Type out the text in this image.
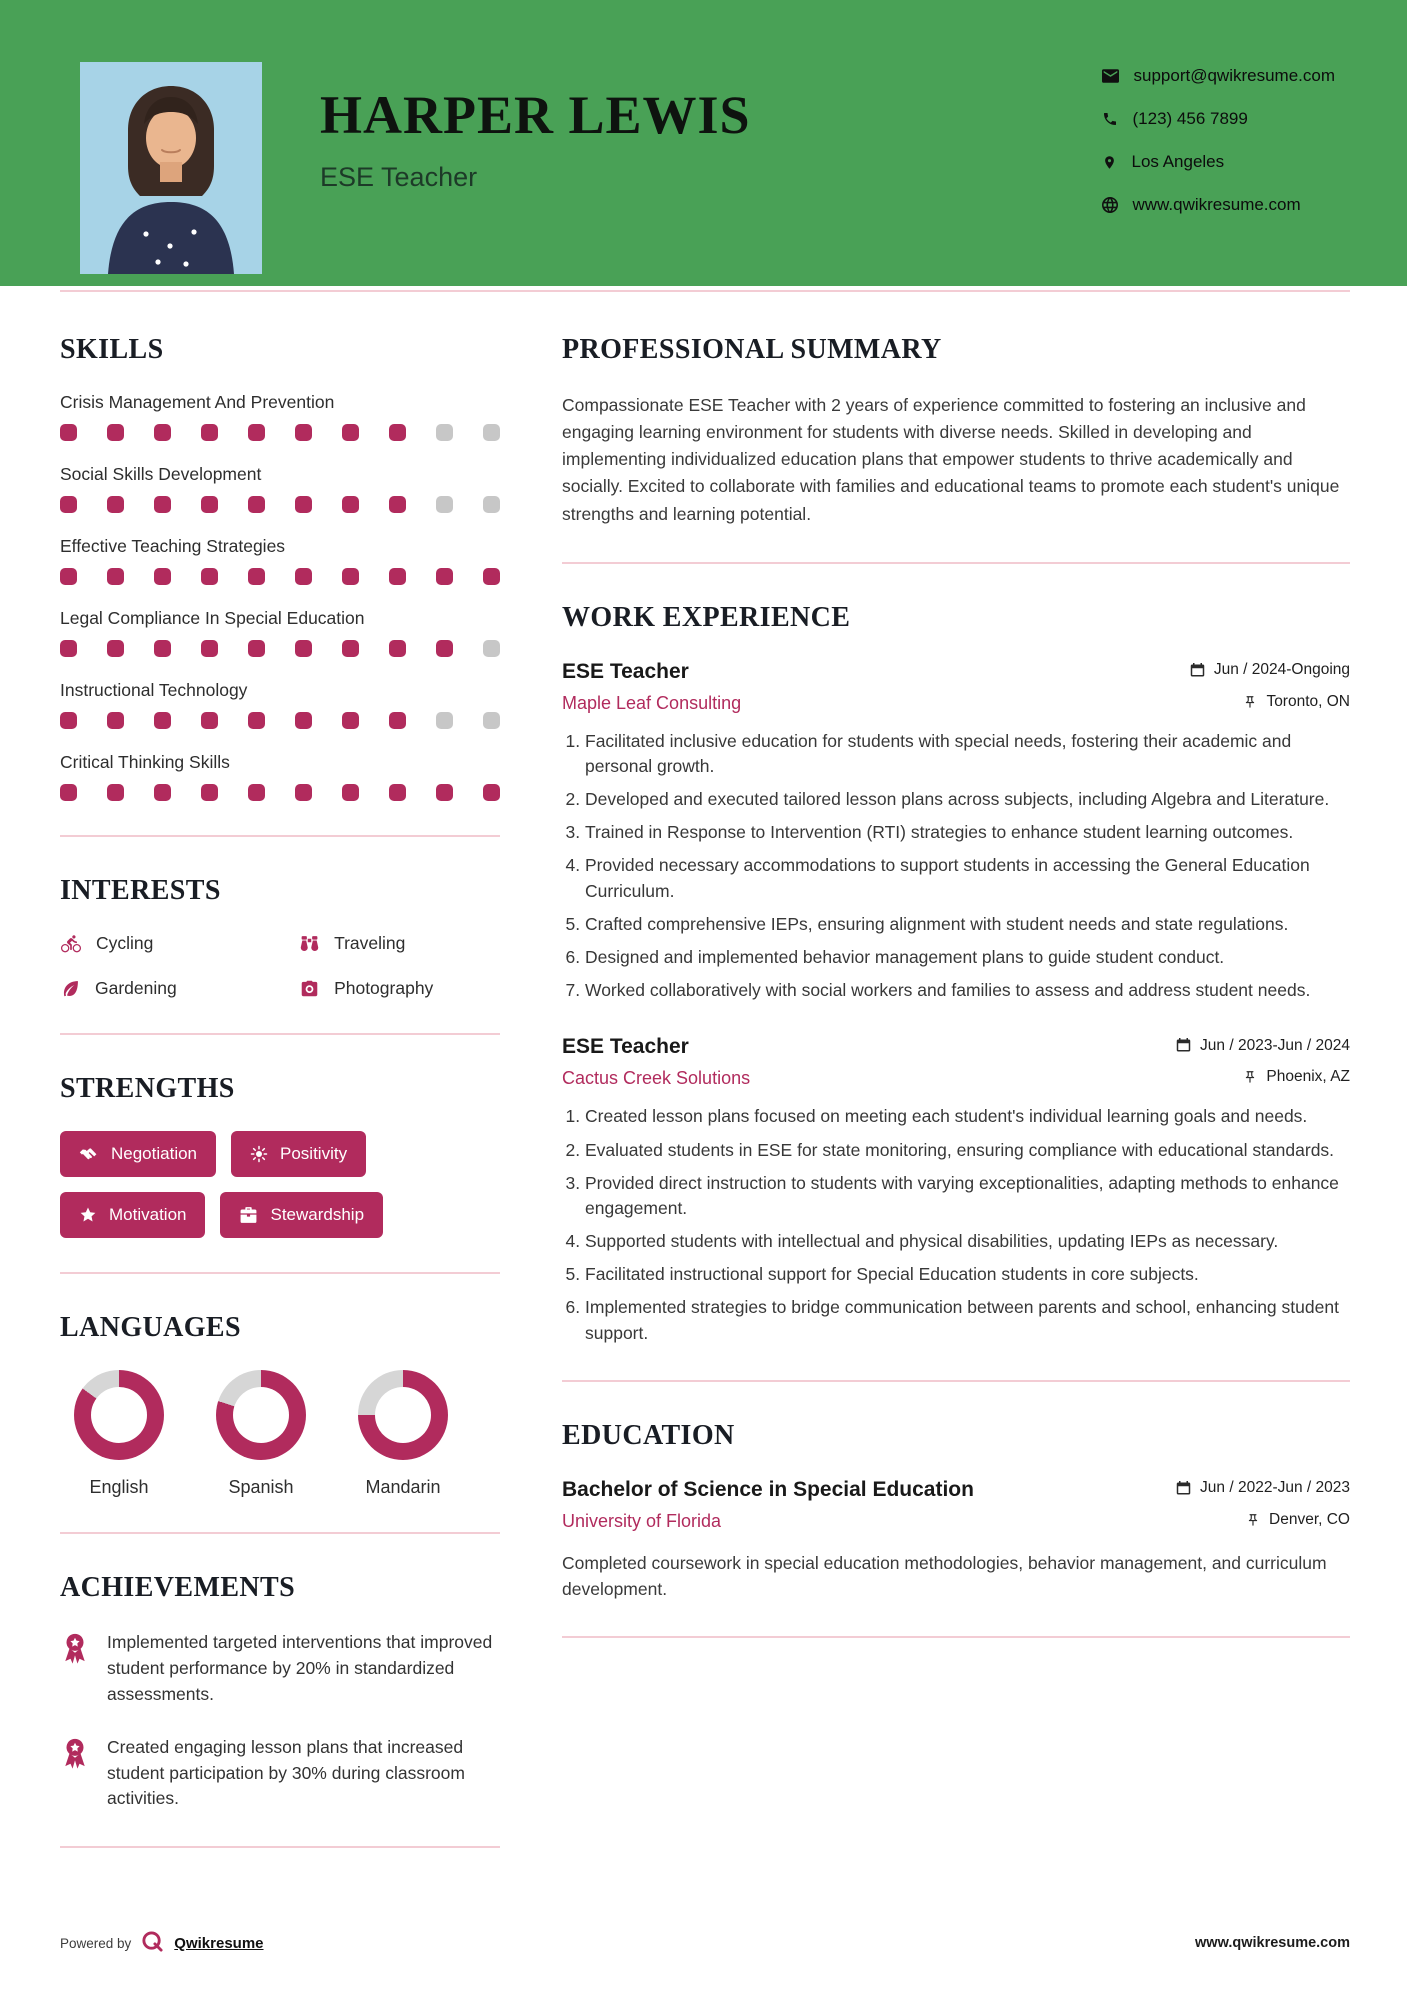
HARPER LEWIS
ESE Teacher
support@qwikresume.com
(123) 456 7899
Los Angeles
www.qwikresume.com
SKILLS
Crisis Management And Prevention
Social Skills Development
Effective Teaching Strategies
Legal Compliance In Special Education
Instructional Technology
Critical Thinking Skills
INTERESTS
Cycling	Traveling
Gardening	Photography
STRENGTHS
Negotiation	Positivity
Motivation	Stewardship
LANGUAGES
English	Spanish	Mandarin
ACHIEVEMENTS
Implemented targeted interventions that improved student performance by 20% in standardized assessments.
Created engaging lesson plans that increased student participation by 30% during classroom activities.
PROFESSIONAL SUMMARY

Compassionate ESE Teacher with 2 years of experience committed to fostering an inclusive and engaging learning environment for students with diverse needs. Skilled in developing and implementing individualized education plans that empower students to thrive academically and socially. Excited to collaborate with families and educational teams to promote each student's unique strengths and learning potential.

WORK EXPERIENCE
ESE Teacher	Jun / 2024-Ongoing
Maple Leaf Consulting	Toronto, ON
1. Facilitated inclusive education for students with special needs, fostering their academic and personal growth.
2. Developed and executed tailored lesson plans across subjects, including Algebra and Literature.
3. Trained in Response to Intervention (RTI) strategies to enhance student learning outcomes.
4. Provided necessary accommodations to support students in accessing the General Education Curriculum.
5. Crafted comprehensive IEPs, ensuring alignment with student needs and state regulations.
6. Designed and implemented behavior management plans to guide student conduct.
7. Worked collaboratively with social workers and families to assess and address student needs.
ESE Teacher	Jun / 2023-Jun / 2024
Cactus Creek Solutions	Phoenix, AZ
1. Created lesson plans focused on meeting each student's individual learning goals and needs.
2. Evaluated students in ESE for state monitoring, ensuring compliance with educational standards.
3. Provided direct instruction to students with varying exceptionalities, adapting methods to enhance engagement.
4. Supported students with intellectual and physical disabilities, updating IEPs as necessary.
5. Facilitated instructional support for Special Education students in core subjects.
6. Implemented strategies to bridge communication between parents and school, enhancing student support.
EDUCATION
Bachelor of Science in Special Education	Jun / 2022-Jun / 2023
University of Florida	Denver, CO

Completed coursework in special education methodologies, behavior management, and curriculum development.

Powered by	Qwikresume	www.qwikresume.com
